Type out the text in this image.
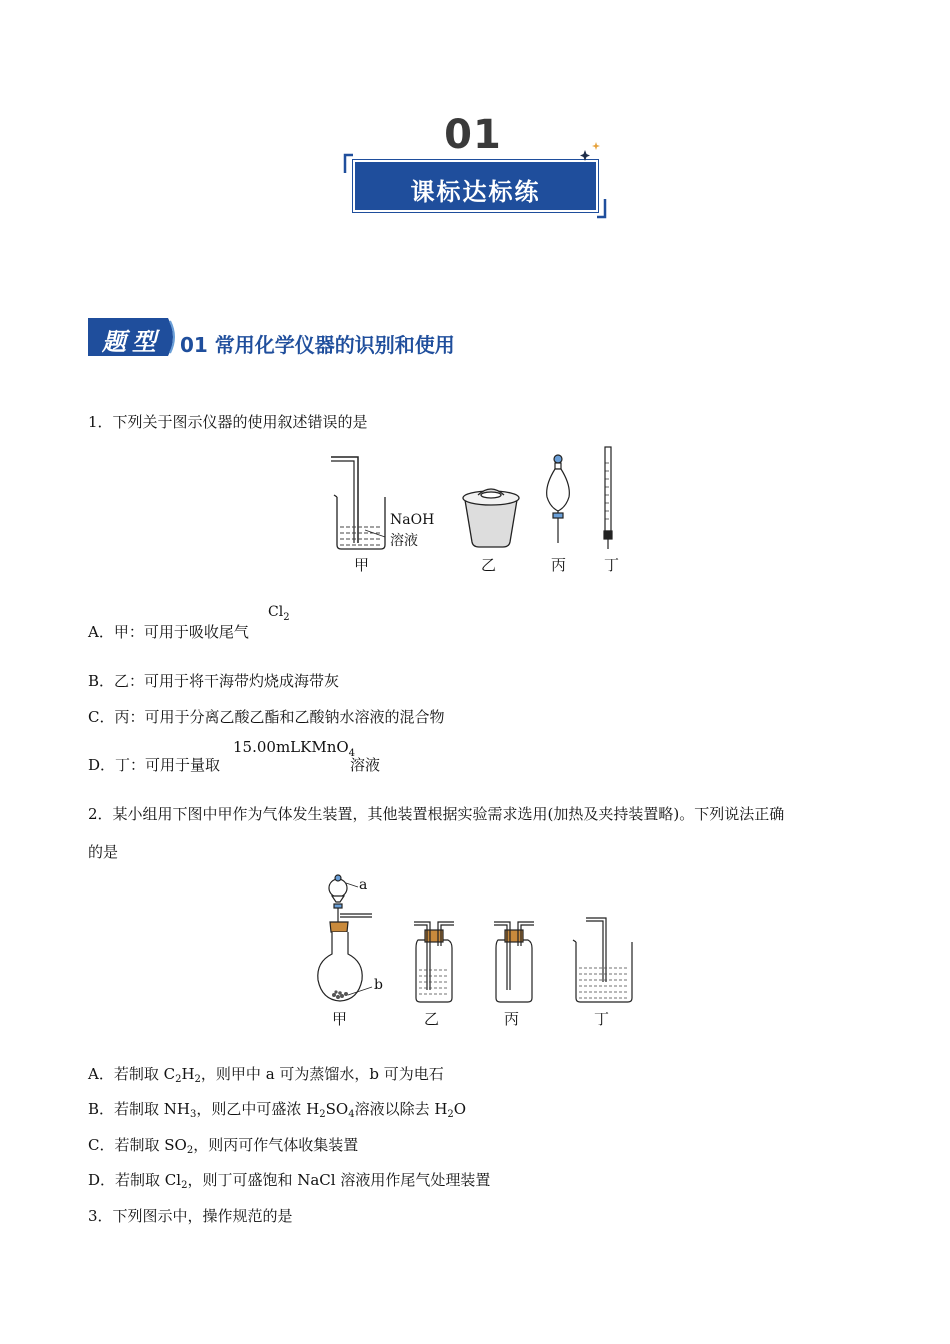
01
课标达标练
题型 01 常用化学仪器的识别和使用
1．下列关于图示仪器的使用叙述错误的是
NaOH
溶液
甲	乙	丙	丁
A．甲：可用于吸收尾气
$Cl_2$
B．乙：可用于将干海带灼烧成海带灰
C．丙：可用于分离乙酸乙酯和乙酸钠水溶液的混合物
D．丁：可用于量取
15.00mLKMnO$_4$
溶液
2．某小组用下图中甲作为气体发生装置，其他装置根据实验需求选用(加热及夹持装置略)。下列说法正确
的是
a
b
甲	乙	丙	丁
A．若制取 $C_2H_2$，则甲中 a 可为蒸馏水，b 可为电石
B．若制取 $NH_3$，则乙中可盛浓 $H_2SO_4$溶液以除去 $H_2O$
C．若制取 $SO_2$，则丙可作气体收集装置
D．若制取 $Cl_2$，则丁可盛饱和 NaCl 溶液用作尾气处理装置
3．下列图示中，操作规范的是
